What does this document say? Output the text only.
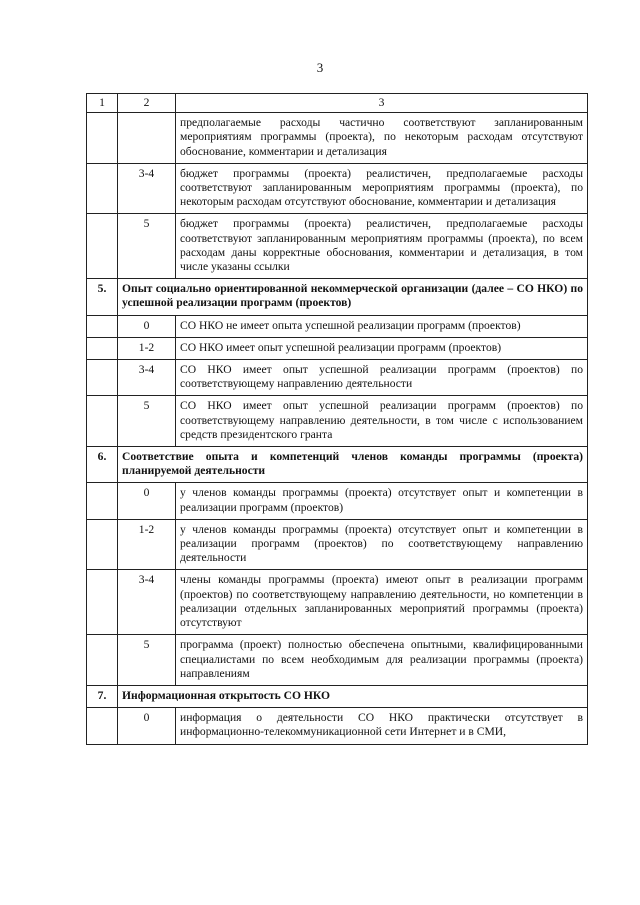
3
1	2	3
		предполагаемые расходы частично соответствуют запланированным мероприятиям программы (проекта), по некоторым расходам отсутствуют обоснование, комментарии и детализация
	3-4	бюджет программы (проекта) реалистичен, предполагаемые расходы соответствуют запланированным мероприятиям программы (проекта), по некоторым расходам отсутствуют обоснование, комментарии и детализация
	5	бюджет программы (проекта) реалистичен, предполагаемые расходы соответствуют запланированным мероприятиям программы (проекта), по всем расходам даны корректные обоснования, комментарии и детализация, в том числе указаны ссылки
5.	Опыт социально ориентированной некоммерческой организации (далее – СО НКО) по успешной реализации программ (проектов)	
	0	СО НКО не имеет опыта успешной реализации программ (проектов)
	1-2	СО НКО имеет опыт успешной реализации программ (проектов)
	3-4	СО НКО имеет опыт успешной реализации программ (проектов) по соответствующему направлению деятельности
	5	СО НКО имеет опыт успешной реализации программ (проектов) по соответствующему направлению деятельности, в том числе с использованием средств президентского гранта
6.	Соответствие опыта и компетенций членов команды программы (проекта) планируемой деятельности	
	0	у членов команды программы (проекта) отсутствует опыт и компетенции в реализации программ (проектов)
	1-2	у членов команды программы (проекта) отсутствует опыт и компетенции в реализации программ (проектов) по соответствующему направлению деятельности
	3-4	члены команды программы (проекта) имеют опыт в реализации программ (проектов) по соответствующему направлению деятельности, но компетенции в реализации отдельных запланированных мероприятий программы (проекта) отсутствуют
	5	программа (проект) полностью обеспечена опытными, квалифицированными специалистами по всем необходимым для реализации программы (проекта) направлениям
7.	Информационная открытость СО НКО	
	0	информация о деятельности СО НКО практически отсутствует в информационно-телекоммуникационной сети Интернет и в СМИ,
